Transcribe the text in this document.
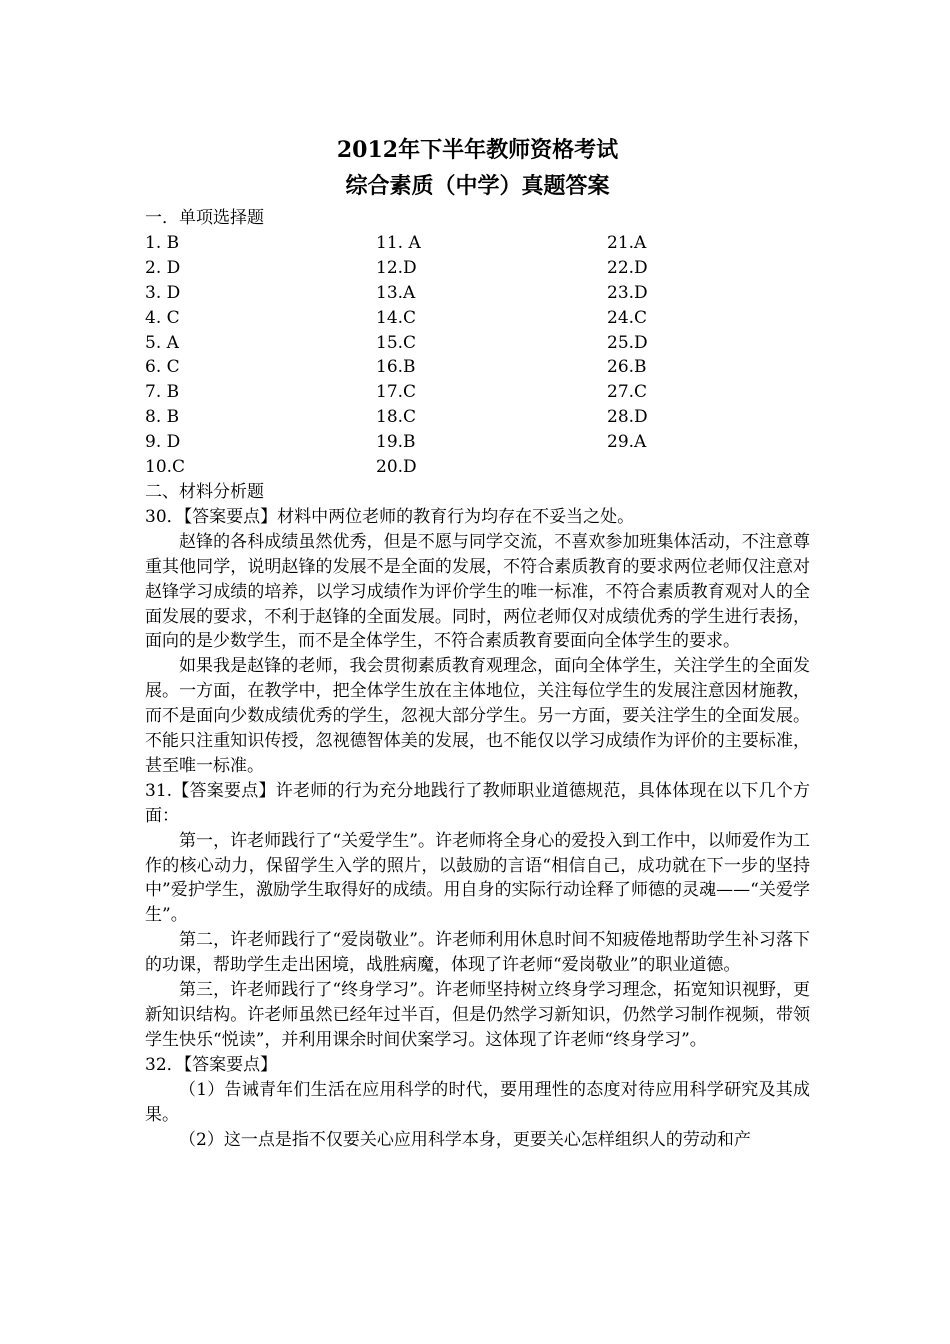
2012年下半年教师资格考试

综合素质（中学）真题答案

一．单项选择题

1. B	11. A	21.A
2. D	12.D	22.D
3. D	13.A	23.D
4. C	14.C	24.C
5. A	15.C	25.D
6. C	16.B	26.B
7. B	17.C	27.C
8. B	18.C	28.D
9. D	19.B	29.A
10.C	20.D

二、材料分析题

30．【答案要点】材料中两位老师的教育行为均存在不妥当之处。

赵锋的各科成绩虽然优秀，但是不愿与同学交流，不喜欢参加班集体活动，不注意尊重其他同学，说明赵锋的发展不是全面的发展，不符合素质教育的要求两位老师仅注意对赵锋学习成绩的培养，以学习成绩作为评价学生的唯一标准，不符合素质教育观对人的全面发展的要求，不利于赵锋的全面发展。同时，两位老师仅对成绩优秀的学生进行表扬，面向的是少数学生，而不是全体学生，不符合素质教育要面向全体学生的要求。

如果我是赵锋的老师，我会贯彻素质教育观理念，面向全体学生，关注学生的全面发展。一方面，在教学中，把全体学生放在主体地位，关注每位学生的发展注意因材施教，而不是面向少数成绩优秀的学生，忽视大部分学生。另一方面，要关注学生的全面发展。不能只注重知识传授，忽视德智体美的发展，也不能仅以学习成绩作为评价的主要标准，甚至唯一标准。

31.【答案要点】许老师的行为充分地践行了教师职业道德规范，具体体现在以下几个方面：

第一，许老师践行了“关爱学生”。许老师将全身心的爱投入到工作中，以师爱作为工作的核心动力，保留学生入学的照片，以鼓励的言语“相信自己，成功就在下一步的坚持中”爱护学生，激励学生取得好的成绩。用自身的实际行动诠释了师德的灵魂——“关爱学生”。

第二，许老师践行了“爱岗敬业”。许老师利用休息时间不知疲倦地帮助学生补习落下的功课，帮助学生走出困境，战胜病魔，体现了许老师“爱岗敬业”的职业道德。

第三，许老师践行了“终身学习”。许老师坚持树立终身学习理念，拓宽知识视野，更新知识结构。许老师虽然已经年过半百，但是仍然学习新知识，仍然学习制作视频，带领学生快乐“悦读”，并利用课余时间伏案学习。这体现了许老师“终身学习”。

32．【答案要点】

（1）告诫青年们生活在应用科学的时代，要用理性的态度对待应用科学研究及其成果。

（2）这一点是指不仅要关心应用科学本身，更要关心怎样组织人的劳动和产
